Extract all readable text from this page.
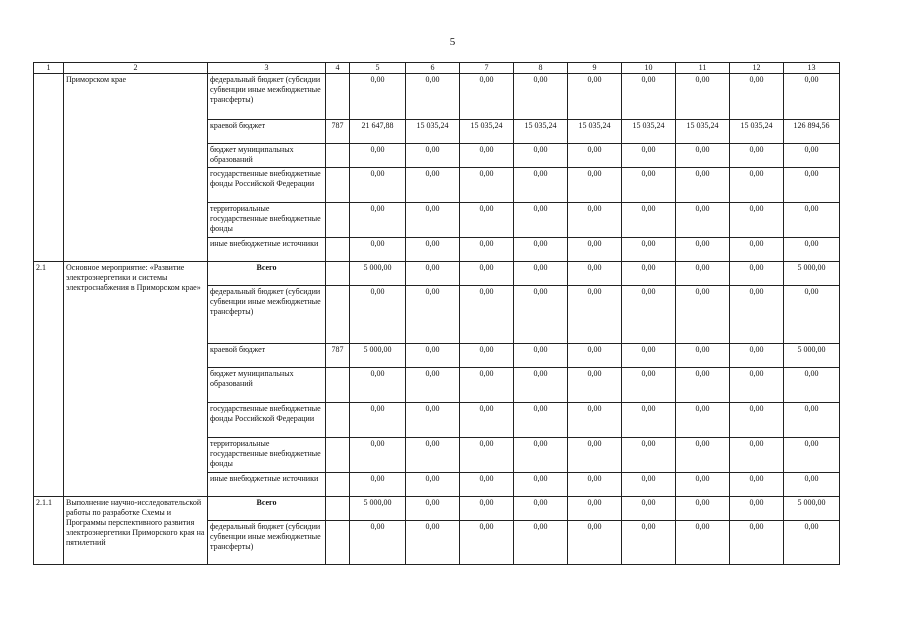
5
1	2	3	4	5	6	7	8	9	10	11	12	13
	Приморском крае	федеральный бюджет (субсидии субвенции иные межбюджетные трансферты)		0,00	0,00	0,00	0,00	0,00	0,00	0,00	0,00	0,00
		краевой бюджет	787	21 647,88	15 035,24	15 035,24	15 035,24	15 035,24	15 035,24	15 035,24	15 035,24	126 894,56
		бюджет муниципальных образований		0,00	0,00	0,00	0,00	0,00	0,00	0,00	0,00	0,00
		государственные внебюджетные фонды Российской Федерации		0,00	0,00	0,00	0,00	0,00	0,00	0,00	0,00	0,00
		территориальные государственные внебюджетные фонды		0,00	0,00	0,00	0,00	0,00	0,00	0,00	0,00	0,00
		иные внебюджетные источники		0,00	0,00	0,00	0,00	0,00	0,00	0,00	0,00	0,00
2.1	Основное мероприятие: «Развитие электроэнергетики и системы электроснабжения в Приморском крае»	Всего		5 000,00	0,00	0,00	0,00	0,00	0,00	0,00	0,00	5 000,00
		федеральный бюджет (субсидии субвенции иные межбюджетные трансферты)		0,00	0,00	0,00	0,00	0,00	0,00	0,00	0,00	0,00
		краевой бюджет	787	5 000,00	0,00	0,00	0,00	0,00	0,00	0,00	0,00	5 000,00
		бюджет муниципальных образований		0,00	0,00	0,00	0,00	0,00	0,00	0,00	0,00	0,00
		государственные внебюджетные фонды Российской Федерации		0,00	0,00	0,00	0,00	0,00	0,00	0,00	0,00	0,00
		территориальные государственные внебюджетные фонды		0,00	0,00	0,00	0,00	0,00	0,00	0,00	0,00	0,00
		иные внебюджетные источники		0,00	0,00	0,00	0,00	0,00	0,00	0,00	0,00	0,00
2.1.1	Выполнение научно-исследовательской работы по разработке Схемы и Программы перспективного развития электроэнергетики Приморского края на пятилетний	Всего		5 000,00	0,00	0,00	0,00	0,00	0,00	0,00	0,00	5 000,00
		федеральный бюджет (субсидии субвенции иные межбюджетные трансферты)		0,00	0,00	0,00	0,00	0,00	0,00	0,00	0,00	0,00
